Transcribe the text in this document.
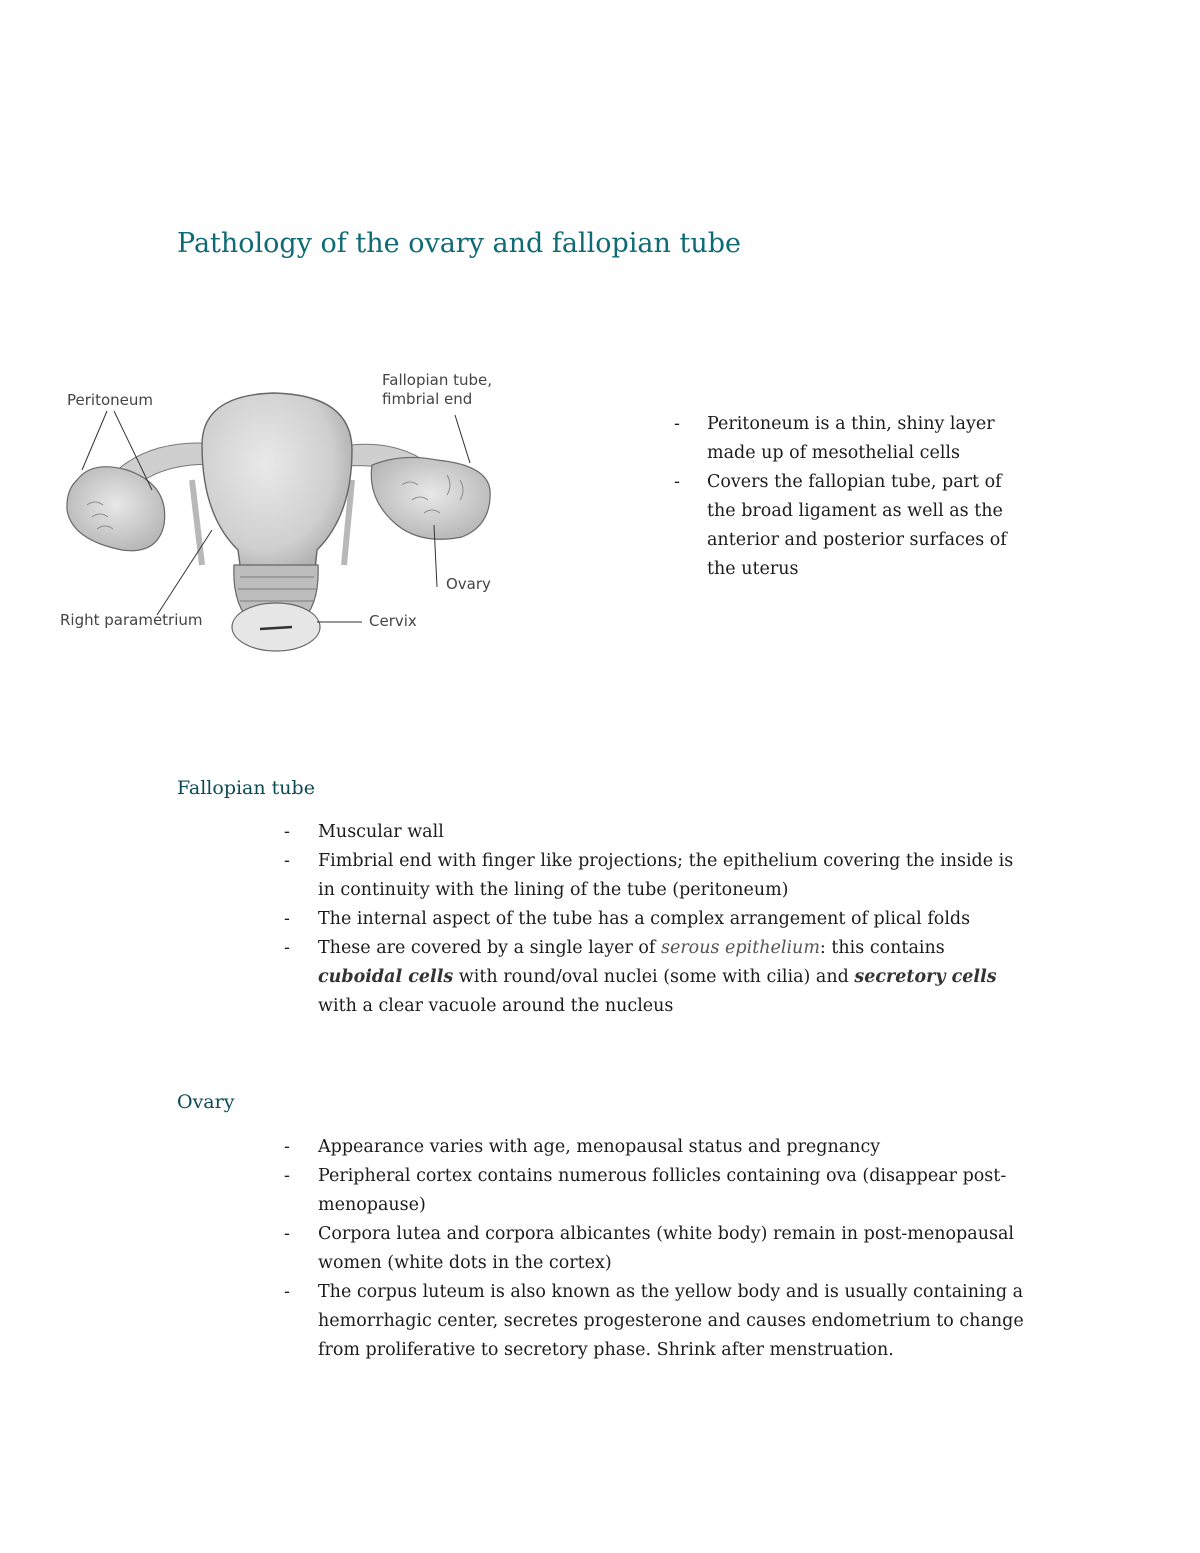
Pathology of the ovary and fallopian tube
Peritoneum
Fallopian tube,
fimbrial end
Ovary
Right parametrium	Cervix
- Peritoneum is a thin, shiny layer made up of mesothelial cells
- Covers the fallopian tube, part of the broad ligament as well as the anterior and posterior surfaces of the uterus
Fallopian tube
- Muscular wall
- Fimbrial end with finger like projections; the epithelium covering the inside is in continuity with the lining of the tube (peritoneum)
- The internal aspect of the tube has a complex arrangement of plical folds
- These are covered by a single layer of serous epithelium: this contains cuboidal cells with round/oval nuclei (some with cilia) and secretory cells with a clear vacuole around the nucleus
Ovary
- Appearance varies with age, menopausal status and pregnancy
- Peripheral cortex contains numerous follicles containing ova (disappear post-menopause)
- Corpora lutea and corpora albicantes (white body) remain in post-menopausal women (white dots in the cortex)
- The corpus luteum is also known as the yellow body and is usually containing a hemorrhagic center, secretes progesterone and causes endometrium to change from proliferative to secretory phase. Shrink after menstruation.
